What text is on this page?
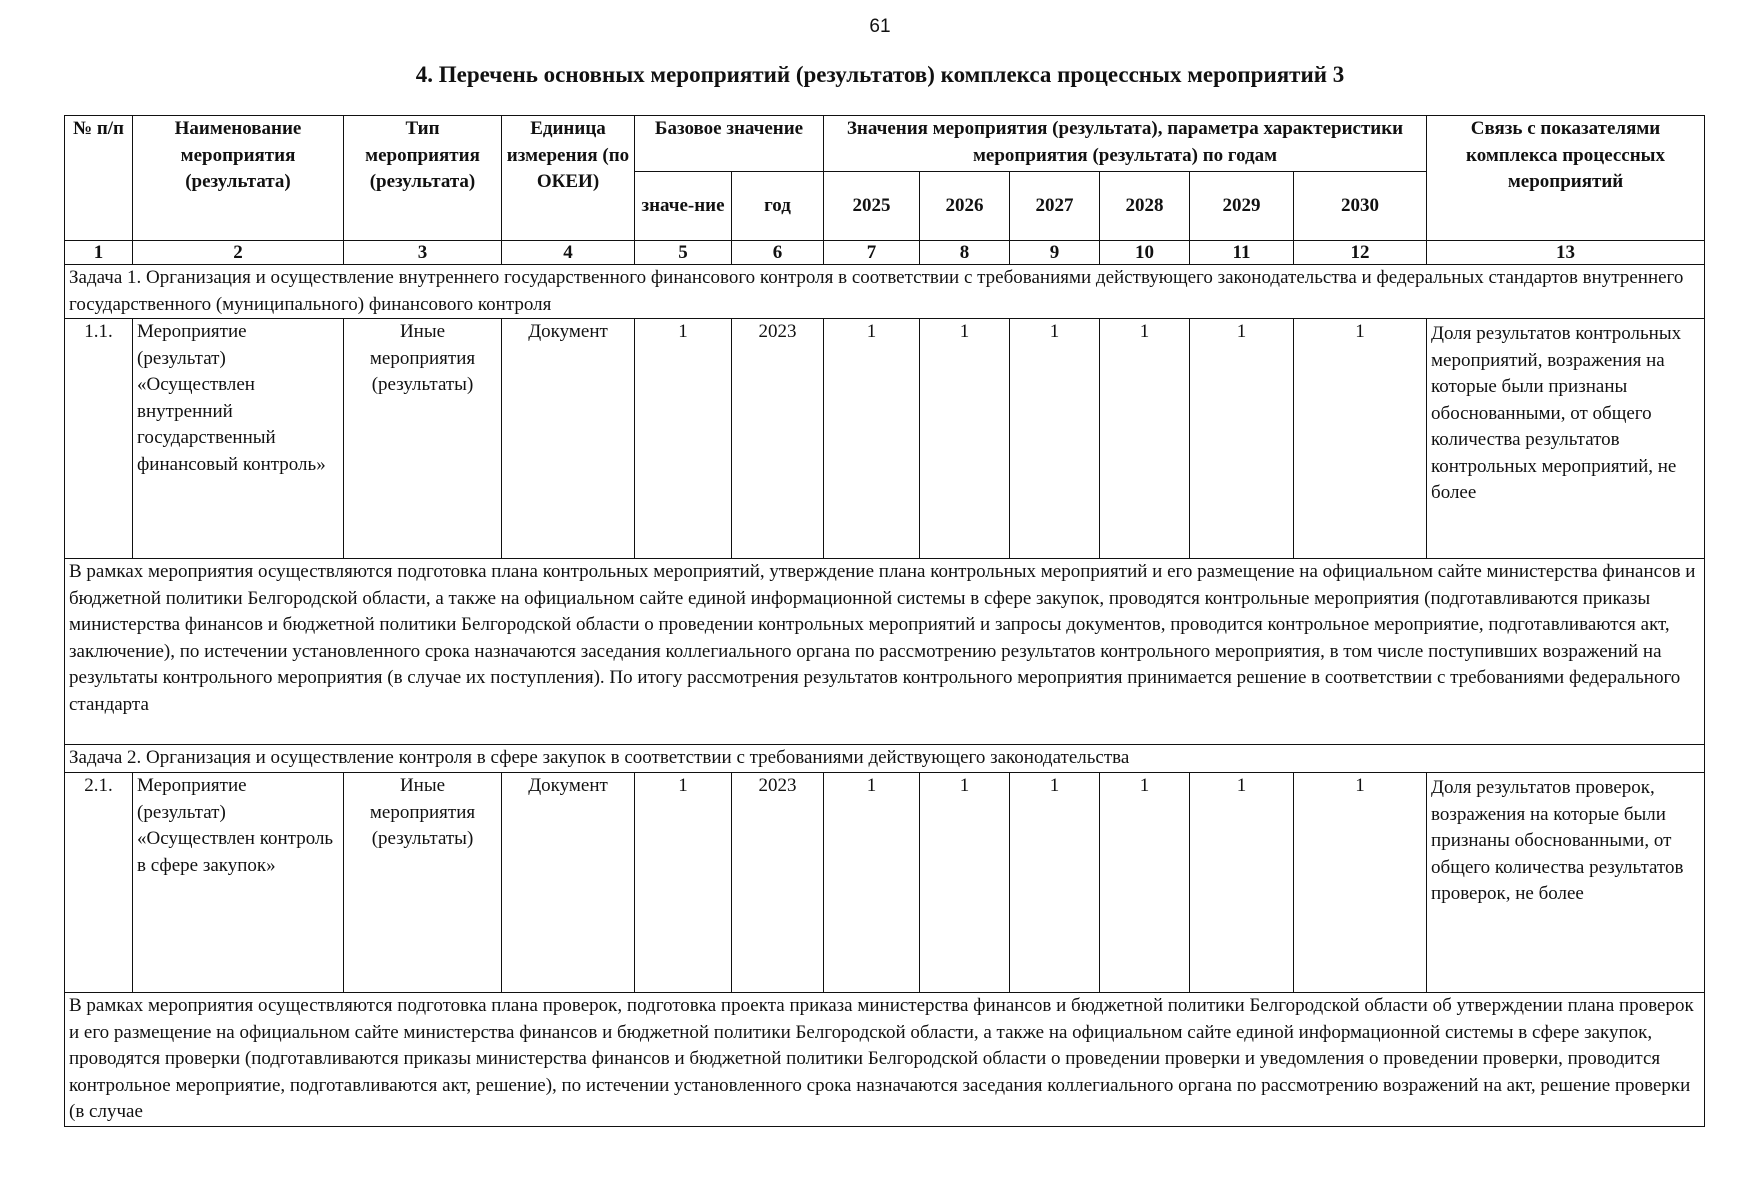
61
4. Перечень основных мероприятий (результатов) комплекса процессных мероприятий 3
№ п/п	Наименование мероприятия (результата)	Тип мероприятия (результата)	Единица измерения (по ОКЕИ)	Базовое значение		Значения мероприятия (результата), параметра характеристики мероприятия (результата) по годам						Связь с показателями комплекса процессных мероприятий
				значе-ние	год	2025	2026	2027	2028	2029	2030	
1	2	3	4	5	6	7	8	9	10	11	12	13
Задача 1. Организация и осуществление внутреннего государственного финансового контроля в соответствии с требованиями действующего законодательства и федеральных стандартов внутреннего государственного (муниципального) финансового контроля												
1.1.	Мероприятие (результат) «Осуществлен внутренний государственный финансовый контроль»	Иные мероприятия (результаты)	Документ	1	2023	1	1	1	1	1	1	Доля результатов контрольных мероприятий, возражения на которые были признаны обоснованными, от общего количества результатов контрольных мероприятий, не более
В рамках мероприятия осуществляются подготовка плана контрольных мероприятий, утверждение плана контрольных мероприятий и его размещение на официальном сайте министерства финансов и бюджетной политики Белгородской области, а также на официальном сайте единой информационной системы в сфере закупок, проводятся контрольные мероприятия (подготавливаются приказы министерства финансов и бюджетной политики Белгородской области о проведении контрольных мероприятий и запросы документов, проводится контрольное мероприятие, подготавливаются акт, заключение), по истечении установленного срока назначаются заседания коллегиального органа по рассмотрению результатов контрольного мероприятия, в том числе поступивших возражений на результаты контрольного мероприятия (в случае их поступления). По итогу рассмотрения результатов контрольного мероприятия принимается решение в соответствии с требованиями федерального стандарта												
Задача 2. Организация и осуществление контроля в сфере закупок в соответствии с требованиями действующего законодательства												
2.1.	Мероприятие (результат) «Осуществлен контроль в сфере закупок»	Иные мероприятия (результаты)	Документ	1	2023	1	1	1	1	1	1	Доля результатов проверок, возражения на которые были признаны обоснованными, от общего количества результатов проверок, не более
В рамках мероприятия осуществляются подготовка плана проверок, подготовка проекта приказа министерства финансов и бюджетной политики Белгородской области об утверждении плана проверок и его размещение на официальном сайте министерства финансов и бюджетной политики Белгородской области, а также на официальном сайте единой информационной системы в сфере закупок, проводятся проверки (подготавливаются приказы министерства финансов и бюджетной политики Белгородской области о проведении проверки и уведомления о проведении проверки, проводится контрольное мероприятие, подготавливаются акт, решение), по истечении установленного срока назначаются заседания коллегиального органа по рассмотрению возражений на акт, решение проверки (в случае												
